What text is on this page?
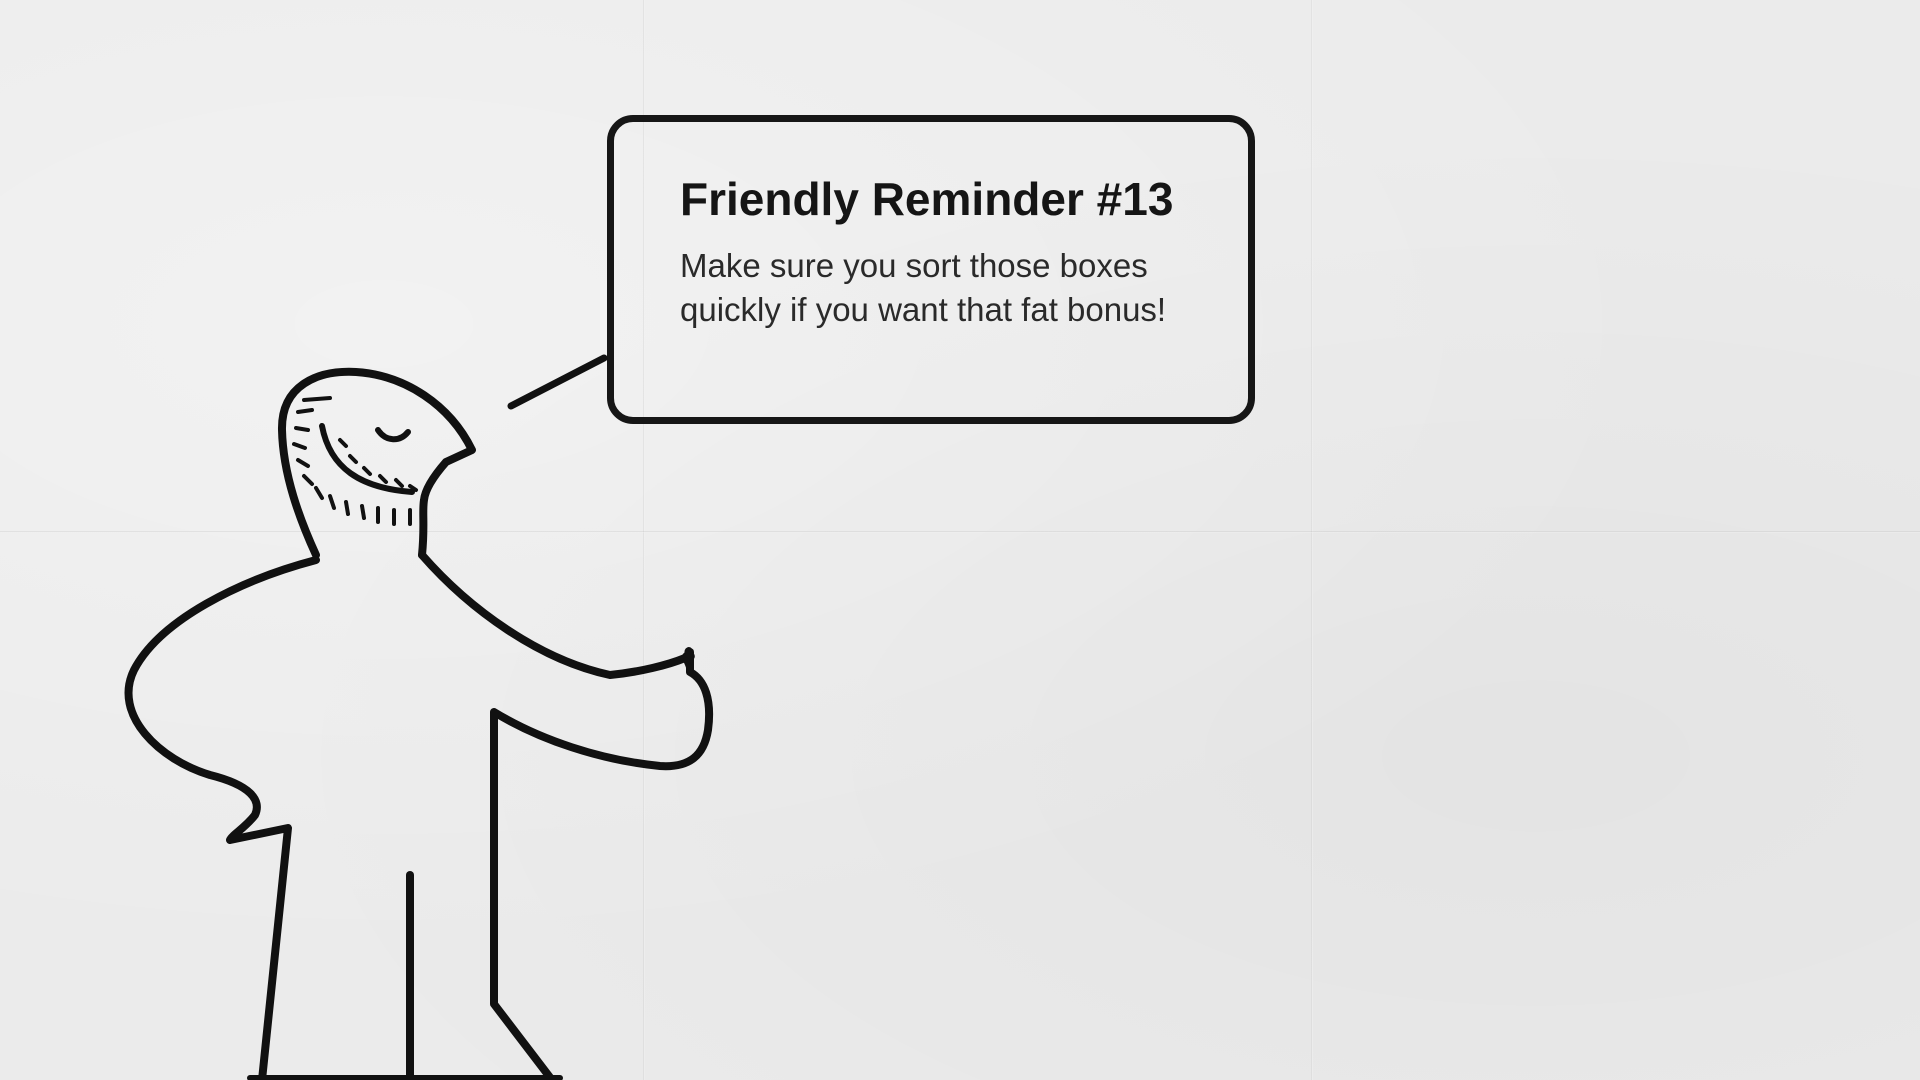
Friendly Reminder #13
Make sure you sort those boxes quickly if you want that fat bonus!
